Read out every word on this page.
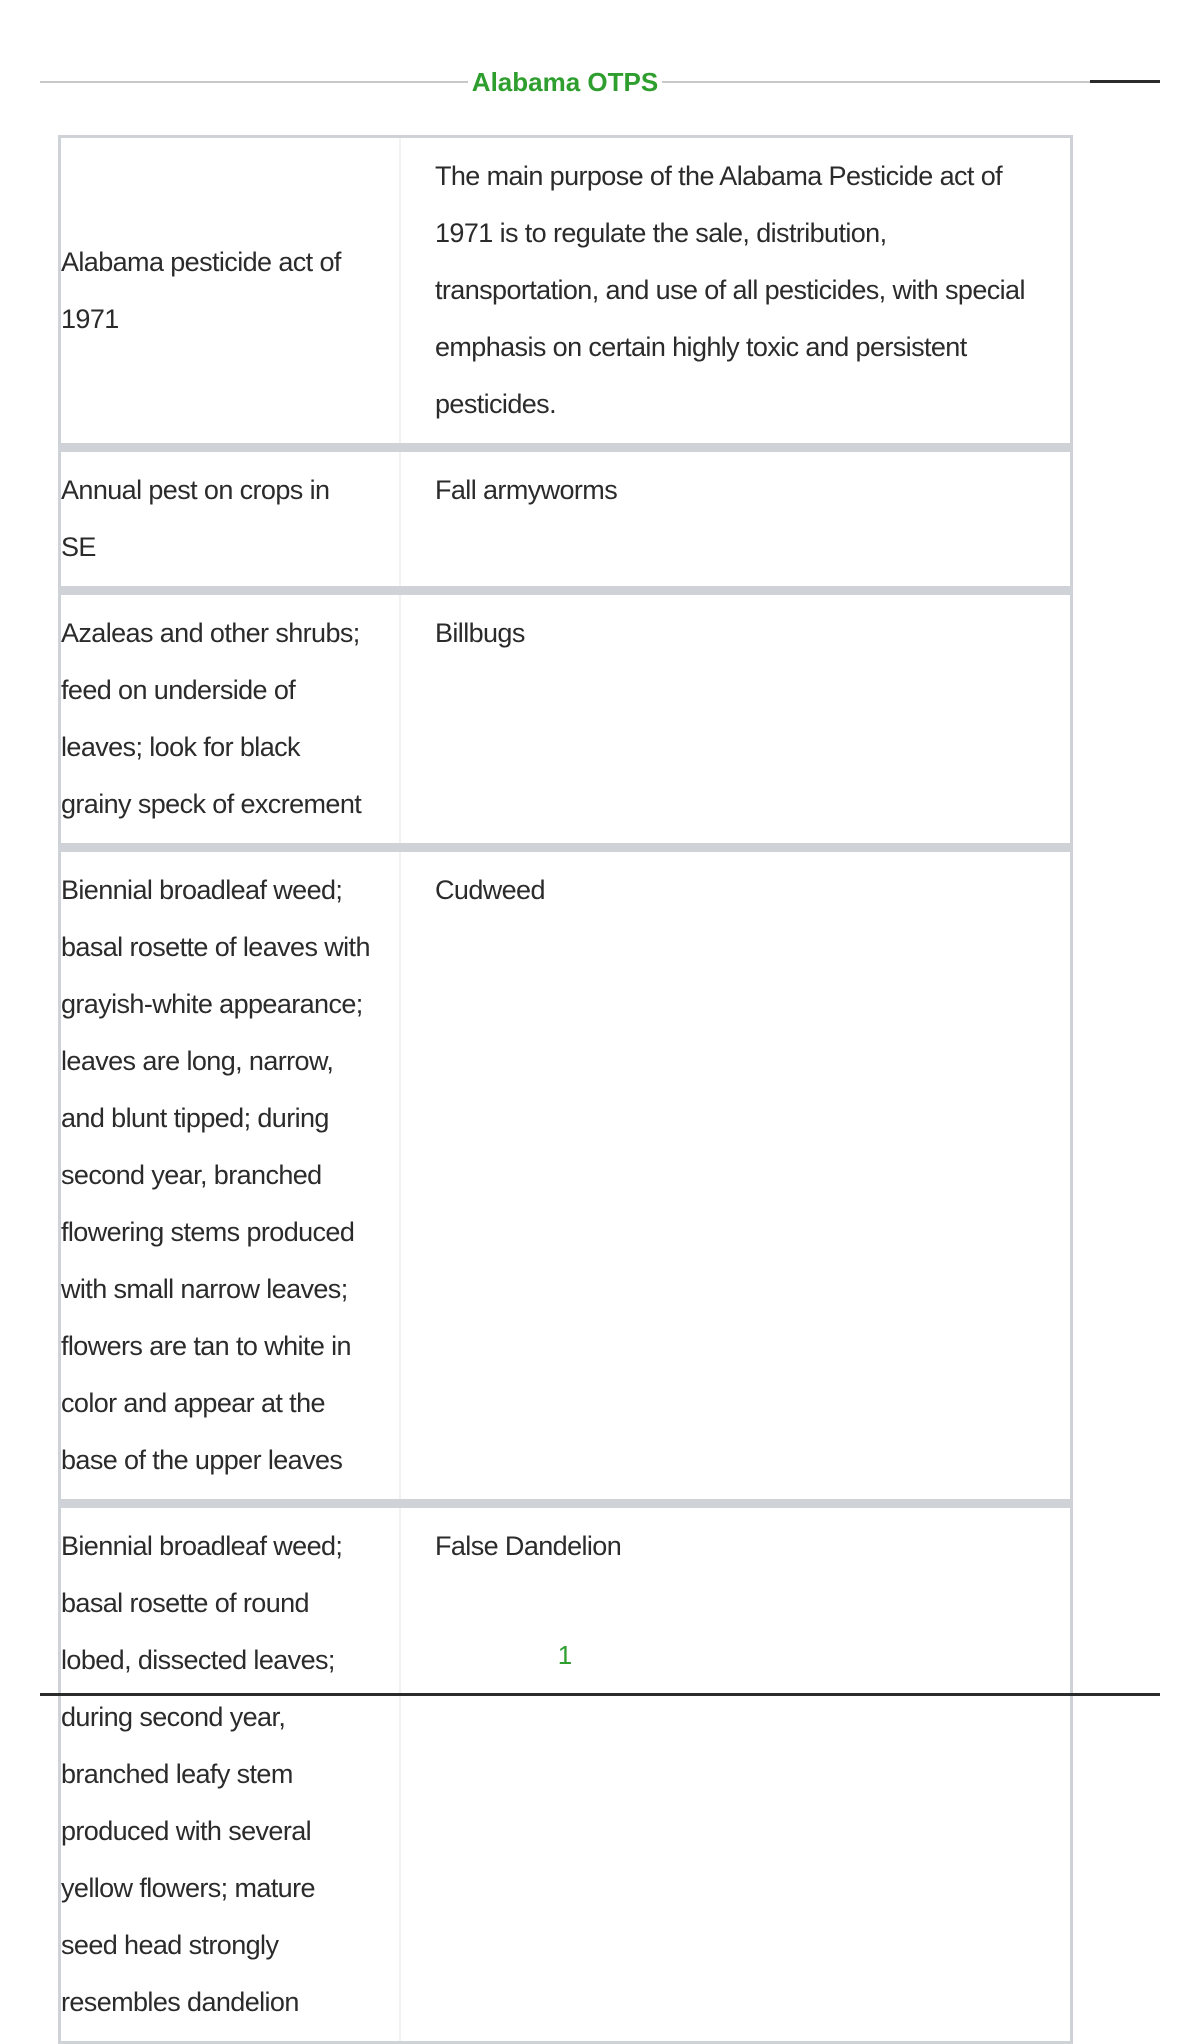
Alabama OTPS
Alabama pesticide act of 1971
The main purpose of the Alabama Pesticide act of 1971 is to regulate the sale, distribution, transportation, and use of all pesticides, with special emphasis on certain highly toxic and persistent pesticides.
Annual pest on crops in SE
Fall armyworms
Azaleas and other shrubs; feed on underside of leaves; look for black grainy speck of excrement
Billbugs
Biennial broadleaf weed; basal rosette of leaves with grayish-white appearance; leaves are long, narrow, and blunt tipped; during second year, branched flowering stems produced with small narrow leaves; flowers are tan to white in color and appear at the base of the upper leaves
Cudweed
Biennial broadleaf weed; basal rosette of round lobed, dissected leaves; during second year, branched leafy stem produced with several yellow flowers; mature seed head strongly resembles dandelion
False Dandelion
1
